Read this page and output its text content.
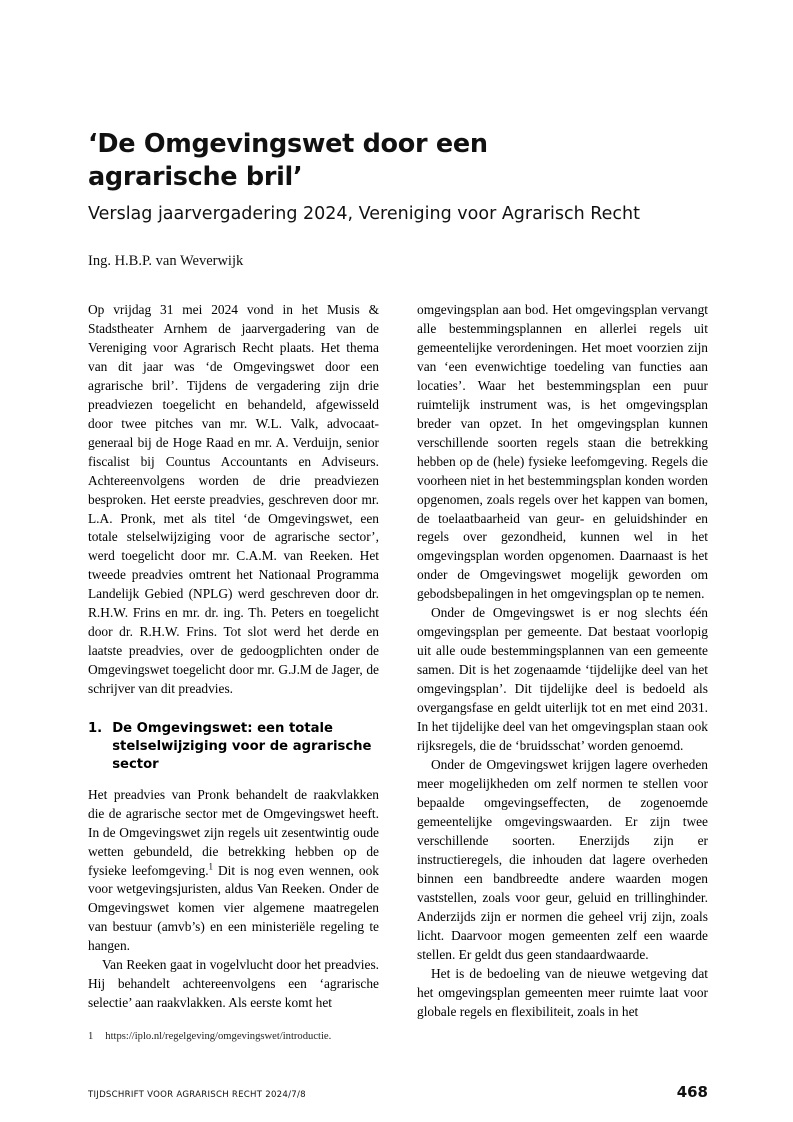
‘De Omgevingswet door een agrarische bril’
Verslag jaarvergadering 2024, Vereniging voor Agrarisch Recht
Ing. H.B.P. van Weverwijk

Op vrijdag 31 mei 2024 vond in het Musis & Stadstheater Arnhem de jaarvergadering van de Vereniging voor Agrarisch Recht plaats. Het thema van dit jaar was ‘de Omgevingswet door een agrarische bril’. Tijdens de vergadering zijn drie preadviezen toegelicht en behandeld, afgewisseld door twee pitches van mr. W.L. Valk, advocaat-generaal bij de Hoge Raad en mr. A. Verduijn, senior fiscalist bij Countus Accountants en Adviseurs. Achtereenvolgens worden de drie preadviezen besproken. Het eerste preadvies, geschreven door mr. L.A. Pronk, met als titel ‘de Omgevingswet, een totale stelselwijziging voor de agrarische sector’, werd toegelicht door mr. C.A.M. van Reeken. Het tweede preadvies omtrent het Nationaal Programma Landelijk Gebied (NPLG) werd geschreven door dr. R.H.W. Frins en mr. dr. ing. Th. Peters en toegelicht door dr. R.H.W. Frins. Tot slot werd het derde en laatste preadvies, over de gedoogplichten onder de Omgevingswet toegelicht door mr. G.J.M de Jager, de schrijver van dit preadvies.

1. De Omgevingswet: een totale stelselwijziging voor de agrarische sector

Het preadvies van Pronk behandelt de raakvlakken die de agrarische sector met de Omgevingswet heeft. In de Omgevingswet zijn regels uit zesentwintig oude wetten gebundeld, die betrekking hebben op de fysieke leefomgeving.$^1$ Dit is nog even wennen, ook voor wetgevingsjuristen, aldus Van Reeken. Onder de Omgevingswet komen vier algemene maatregelen van bestuur (amvb’s) en een ministeriële regeling te hangen.

Van Reeken gaat in vogelvlucht door het preadvies. Hij behandelt achtereenvolgens een ‘agrarische selectie’ aan raakvlakken. Als eerste komt het

omgevingsplan aan bod. Het omgevingsplan vervangt alle bestemmingsplannen en allerlei regels uit gemeentelijke verordeningen. Het moet voorzien zijn van ‘een evenwichtige toedeling van functies aan locaties’. Waar het bestemmingsplan een puur ruimtelijk instrument was, is het omgevingsplan breder van opzet. In het omgevingsplan kunnen verschillende soorten regels staan die betrekking hebben op de (hele) fysieke leefomgeving. Regels die voorheen niet in het bestemmingsplan konden worden opgenomen, zoals regels over het kappen van bomen, de toelaatbaarheid van geur- en geluidshinder en regels over gezondheid, kunnen wel in het omgevingsplan worden opgenomen. Daarnaast is het onder de Omgevingswet mogelijk geworden om gebodsbepalingen in het omgevingsplan op te nemen.

Onder de Omgevingswet is er nog slechts één omgevingsplan per gemeente. Dat bestaat voorlopig uit alle oude bestemmingsplannen van een gemeente samen. Dit is het zogenaamde ‘tijdelijke deel van het omgevingsplan’. Dit tijdelijke deel is bedoeld als overgangsfase en geldt uiterlijk tot en met eind 2031. In het tijdelijke deel van het omgevingsplan staan ook rijksregels, die de ‘bruidsschat’ worden genoemd.

Onder de Omgevingswet krijgen lagere overheden meer mogelijkheden om zelf normen te stellen voor bepaalde omgevingseffecten, de zogenoemde gemeentelijke omgevingswaarden. Er zijn twee verschillende soorten. Enerzijds zijn er instructieregels, die inhouden dat lagere overheden binnen een bandbreedte andere waarden mogen vaststellen, zoals voor geur, geluid en trillinghinder. Anderzijds zijn er normen die geheel vrij zijn, zoals licht. Daarvoor mogen gemeenten zelf een waarde stellen. Er geldt dus geen standaardwaarde.

Het is de bedoeling van de nieuwe wetgeving dat het omgevingsplan gemeenten meer ruimte laat voor globale regels en flexibiliteit, zoals in het

1 https://iplo.nl/regelgeving/omgevingswet/introductie.
TIJDSCHRIFT VOOR AGRARISCH RECHT 2024/7/8	468
